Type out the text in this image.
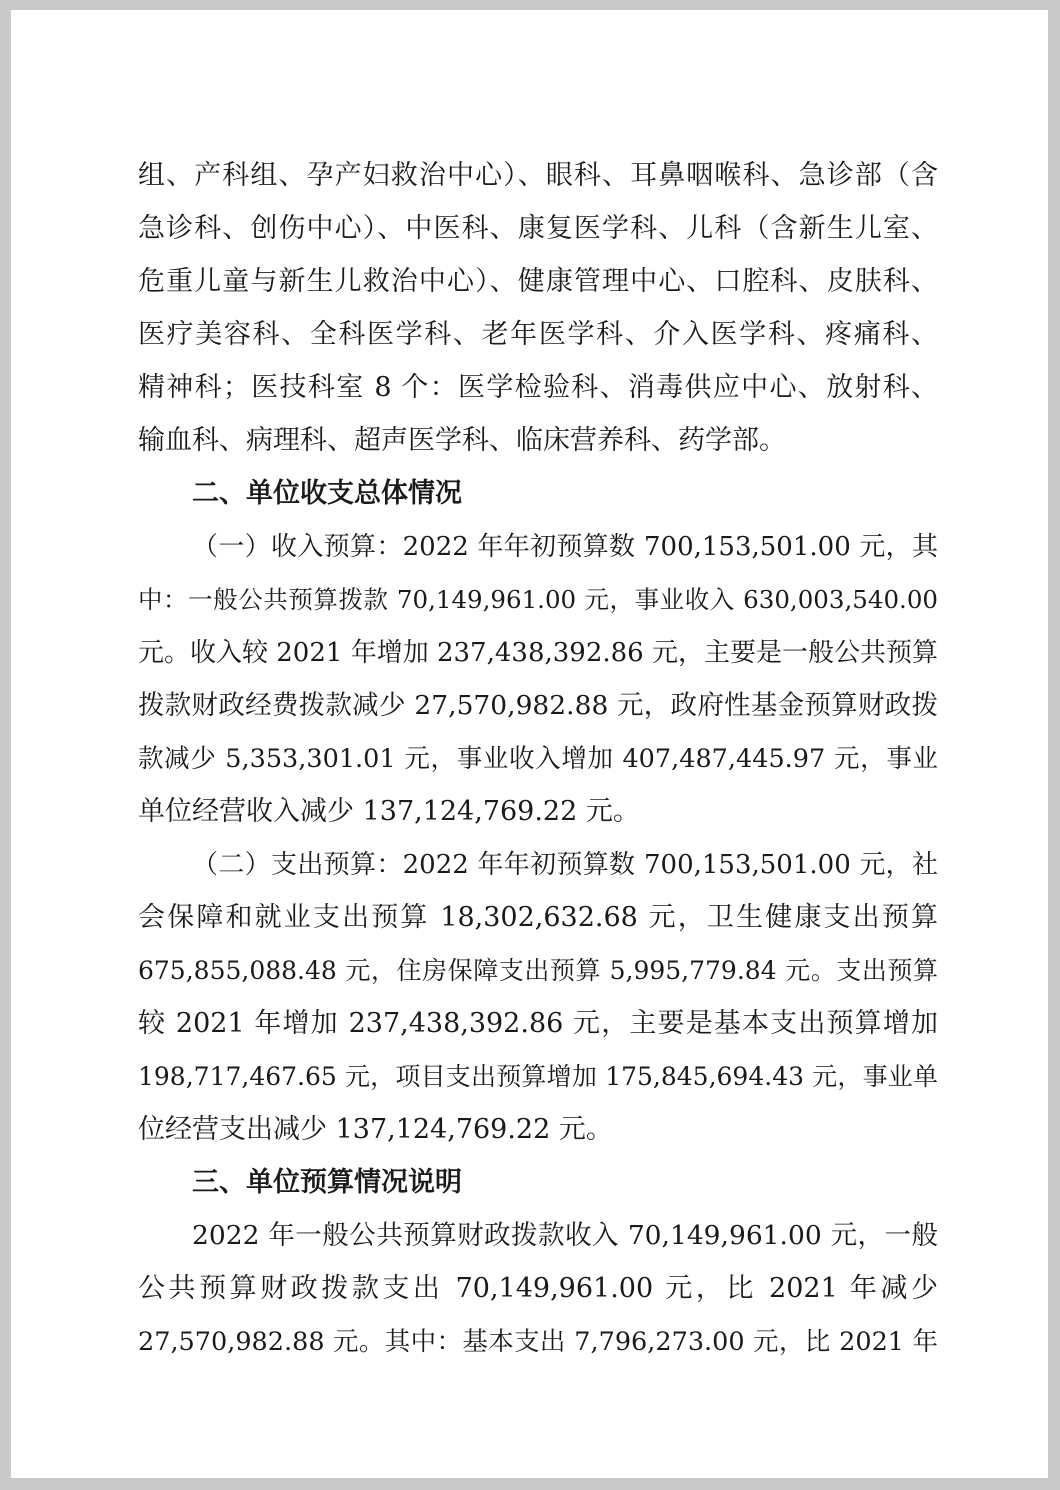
组、产科组、孕产妇救治中心）、眼科、耳鼻咽喉科、急诊部（含
急诊科、创伤中心）、中医科、康复医学科、儿科（含新生儿室、
危重儿童与新生儿救治中心）、健康管理中心、口腔科、皮肤科、
医疗美容科、全科医学科、老年医学科、介入医学科、疼痛科、
精神科；医技科室 8 个：医学检验科、消毒供应中心、放射科、
输血科、病理科、超声医学科、临床营养科、药学部。
二、单位收支总体情况
（一）收入预算：2022 年年初预算数 700,153,501.00 元，其
中：一般公共预算拨款 70,149,961.00 元，事业收入 630,003,540.00
元。收入较 2021 年增加 237,438,392.86 元，主要是一般公共预算
拨款财政经费拨款减少 27,570,982.88 元，政府性基金预算财政拨
款减少 5,353,301.01 元，事业收入增加 407,487,445.97 元，事业
单位经营收入减少 137,124,769.22 元。
（二）支出预算：2022 年年初预算数 700,153,501.00 元，社
会保障和就业支出预算 18,302,632.68 元，卫生健康支出预算
675,855,088.48 元，住房保障支出预算 5,995,779.84 元。支出预算
较 2021 年增加 237,438,392.86 元，主要是基本支出预算增加
198,717,467.65 元，项目支出预算增加 175,845,694.43 元，事业单
位经营支出减少 137,124,769.22 元。
三、单位预算情况说明
2022 年一般公共预算财政拨款收入 70,149,961.00 元，一般
公共预算财政拨款支出 70,149,961.00 元，比 2021 年减少
27,570,982.88 元。其中：基本支出 7,796,273.00 元，比 2021 年
